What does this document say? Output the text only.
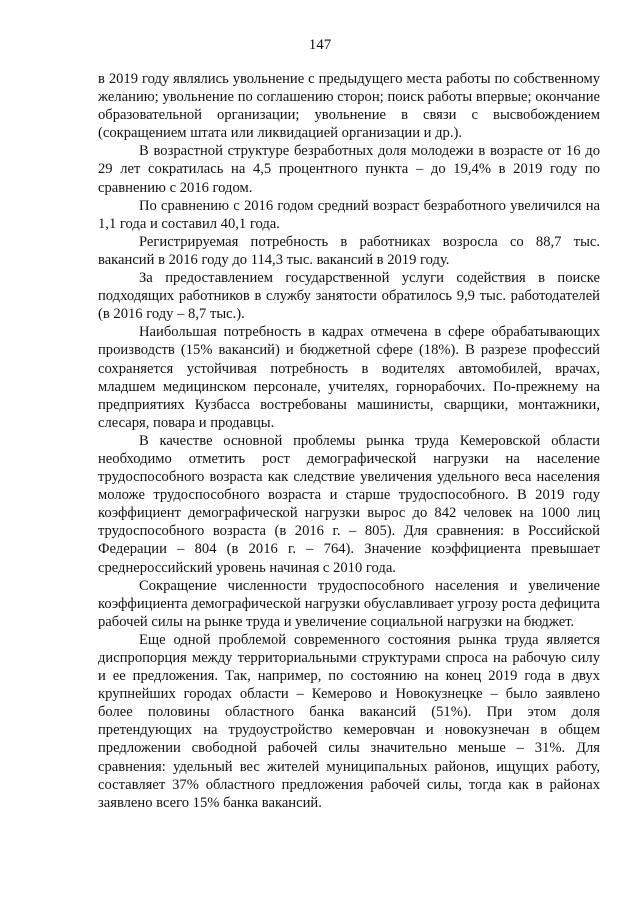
147

в 2019 году являлись увольнение с предыдущего места работы по собственному желанию; увольнение по соглашению сторон; поиск работы впервые; окончание образовательной организации; увольнение в связи с высвобождением (сокращением штата или ликвидацией организации и др.).

В возрастной структуре безработных доля молодежи в возрасте от 16 до 29 лет сократилась на 4,5 процентного пункта – до 19,4% в 2019 году по сравнению с 2016 годом.

По сравнению с 2016 годом средний возраст безработного увеличился на 1,1 года и составил 40,1 года.

Регистрируемая потребность в работниках возросла со 88,7 тыс. вакансий в 2016 году до 114,3 тыс. вакансий в 2019 году.

За предоставлением государственной услуги содействия в поиске подходящих работников в службу занятости обратилось 9,9 тыс. работодателей (в 2016 году – 8,7 тыс.).

Наибольшая потребность в кадрах отмечена в сфере обрабатывающих производств (15% вакансий) и бюджетной сфере (18%). В разрезе профессий сохраняется устойчивая потребность в водителях автомобилей, врачах, младшем медицинском персонале, учителях, горнорабочих. По-прежнему на предприятиях Кузбасса востребованы машинисты, сварщики, монтажники, слесаря, повара и продавцы.

В качестве основной проблемы рынка труда Кемеровской области необходимо отметить рост демографической нагрузки на население трудоспособного возраста как следствие увеличения удельного веса населения моложе трудоспособного возраста и старше трудоспособного. В 2019 году коэффициент демографической нагрузки вырос до 842 человек на 1000 лиц трудоспособного возраста (в 2016 г. – 805). Для сравнения: в Российской Федерации – 804 (в 2016 г. – 764). Значение коэффициента превышает среднероссийский уровень начиная с 2010 года.

Сокращение численности трудоспособного населения и увеличение коэффициента демографической нагрузки обуславливает угрозу роста дефицита рабочей силы на рынке труда и увеличение социальной нагрузки на бюджет.

Еще одной проблемой современного состояния рынка труда является диспропорция между территориальными структурами спроса на рабочую силу и ее предложения. Так, например, по состоянию на конец 2019 года в двух крупнейших городах области – Кемерово и Новокузнецке – было заявлено более половины областного банка вакансий (51%). При этом доля претендующих на трудоустройство кемеровчан и новокузнечан в общем предложении свободной рабочей силы значительно меньше – 31%. Для сравнения: удельный вес жителей муниципальных районов, ищущих работу, составляет 37% областного предложения рабочей силы, тогда как в районах заявлено всего 15% банка вакансий.
